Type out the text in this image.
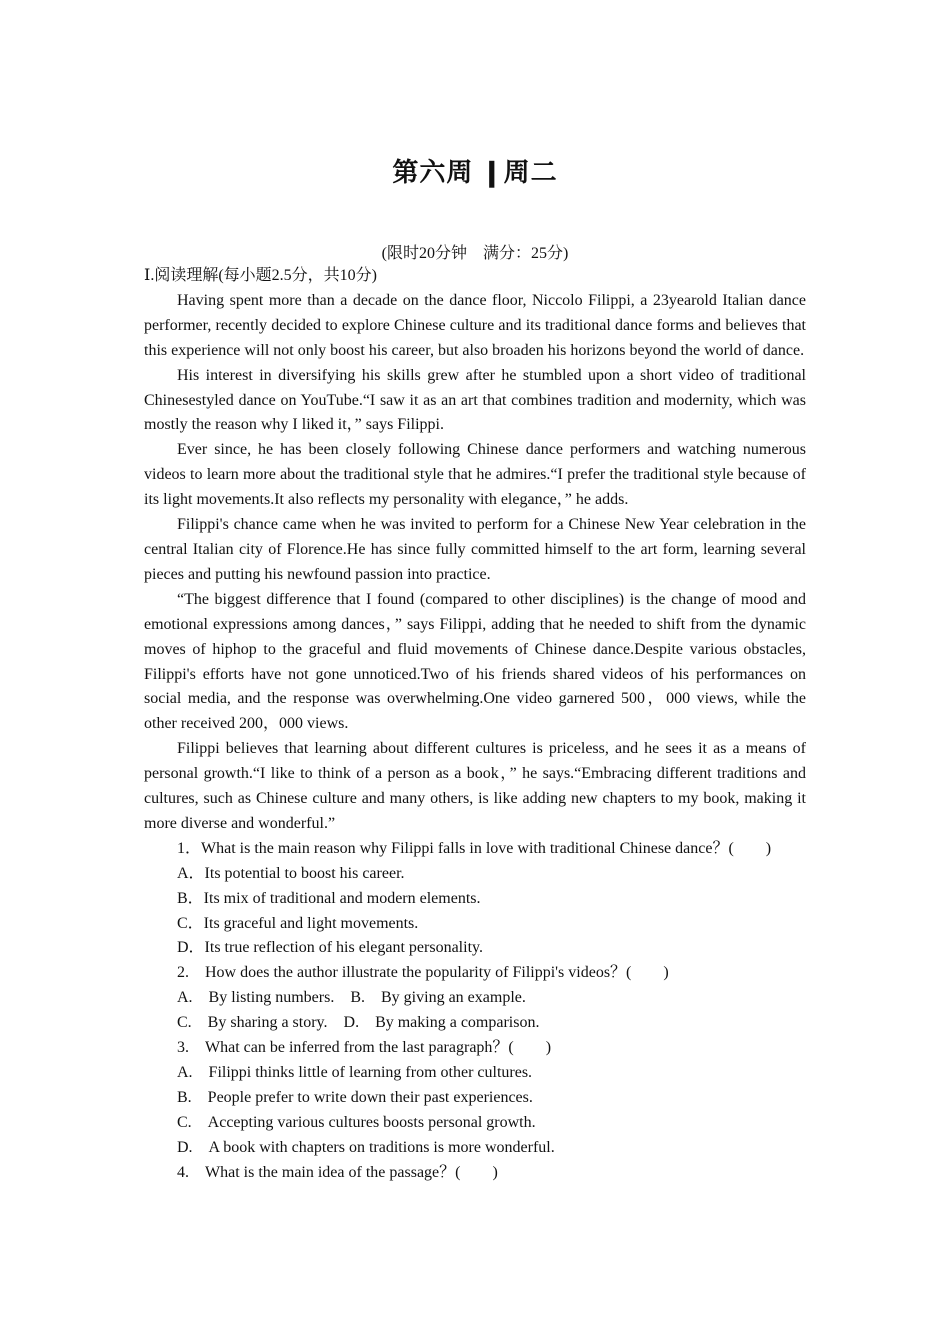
第六周 ❙周二
(限时20分钟　满分：25分)

Ⅰ.阅读理解(每小题2.5分，共10分)

Having spent more than a decade on the dance floor, Niccolo Filippi, a 23yearold Italian dance performer, recently decided to explore Chinese culture and its traditional dance forms and believes that this experience will not only boost his career, but also broaden his horizons beyond the world of dance.

His interest in diversifying his skills grew after he stumbled upon a short video of traditional Chinesestyled dance on YouTube.“I saw it as an art that combines tradition and modernity, which was mostly the reason why I liked it，” says Filippi.

Ever since, he has been closely following Chinese dance performers and watching numerous videos to learn more about the traditional style that he admires.“I prefer the traditional style because of its light movements.It also reflects my personality with elegance，” he adds.

Filippi's chance came when he was invited to perform for a Chinese New Year celebration in the central Italian city of Florence.He has since fully committed himself to the art form, learning several pieces and putting his newfound passion into practice.

“The biggest difference that I found (compared to other disciplines) is the change of mood and emotional expressions among dances，” says Filippi, adding that he needed to shift from the dynamic moves of hiphop to the graceful and fluid movements of Chinese dance.Despite various obstacles, Filippi's efforts have not gone unnoticed.Two of his friends shared videos of his performances on social media, and the response was overwhelming.One video garnered 500，000 views, while the other received 200，000 views.

Filippi believes that learning about different cultures is priceless, and he sees it as a means of personal growth.“I like to think of a person as a book，” he says.“Embracing different traditions and cultures, such as Chinese culture and many others, is like adding new chapters to my book, making it more diverse and wonderful.”

1．What is the main reason why Filippi falls in love with traditional Chinese dance？(　　)

A．Its potential to boost his career.

B．Its mix of traditional and modern elements.

C．Its graceful and light movements.

D．Its true reflection of his elegant personality.

2.　How does the author illustrate the popularity of Filippi's videos？(　　)

A.　By listing numbers.　B.　By giving an example.

C.　By sharing a story.　D.　By making a comparison.

3.　What can be inferred from the last paragraph？(　　)

A.　Filippi thinks little of learning from other cultures.

B.　People prefer to write down their past experiences.

C.　Accepting various cultures boosts personal growth.

D.　A book with chapters on traditions is more wonderful.

4.　What is the main idea of the passage？(　　)
